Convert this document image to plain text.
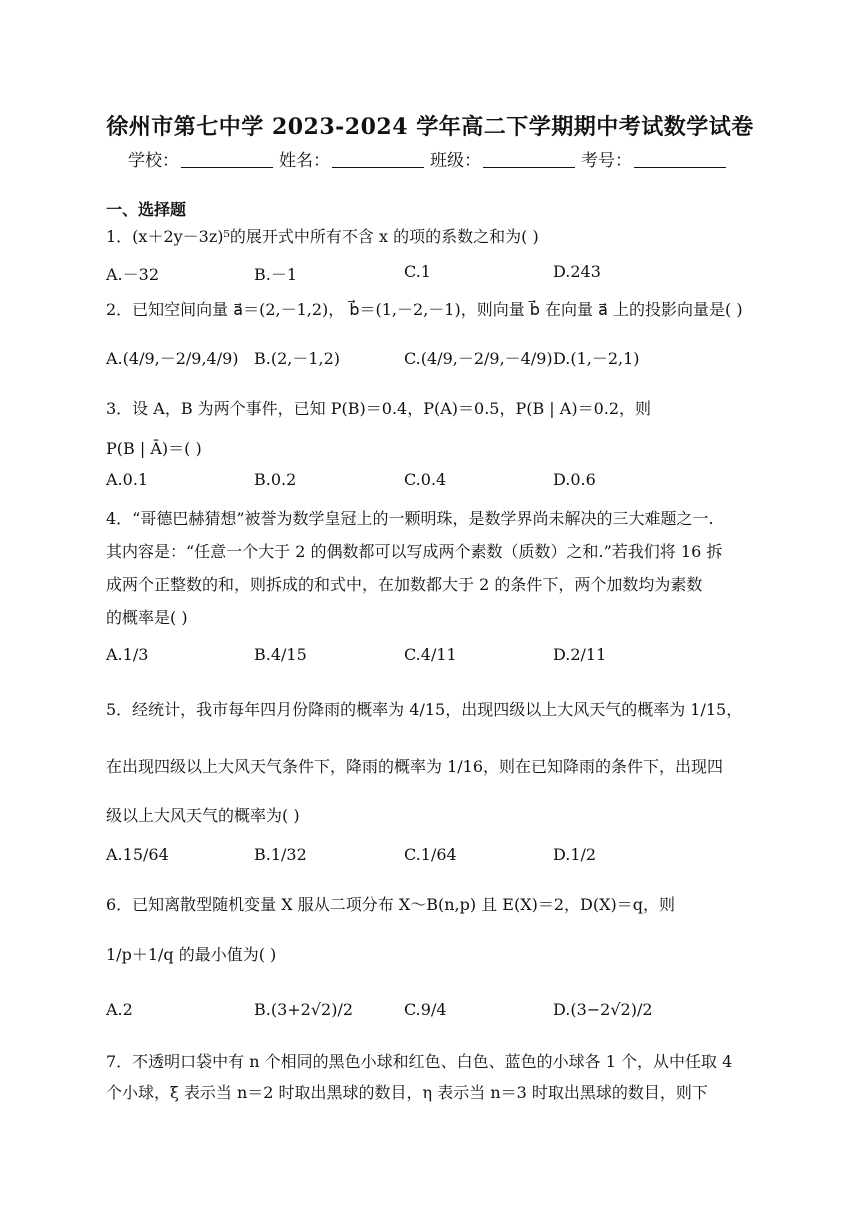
徐州市第七中学 2023-2024 学年高二下学期期中考试数学试卷
学校：	姓名：	班级：	考号：
一、选择题
1．(x＋2y－3z)⁵的展开式中所有不含 x 的项的系数之和为( )
A.－32	B.－1	C.1	D.243
2．已知空间向量 a⃗＝(2,－1,2)， b⃗＝(1,－2,－1)，则向量 b⃗ 在向量 a⃗ 上的投影向量是( )
A.(4/9,－2/9,4/9) B.(2,－1,2)	C.(4/9,－2/9,－4/9) D.(1,－2,1)
3．设 A，B 为两个事件，已知 P(B)＝0.4，P(A)＝0.5，P(B | A)＝0.2，则
P(B | Ā)＝( )
A.0.1	B.0.2	C.0.4	D.0.6
4．“哥德巴赫猜想”被誉为数学皇冠上的一颗明珠，是数学界尚未解决的三大难题之一.
其内容是：“任意一个大于 2 的偶数都可以写成两个素数（质数）之和.”若我们将 16 拆
成两个正整数的和，则拆成的和式中，在加数都大于 2 的条件下，两个加数均为素数
的概率是( )
A.1/3	B.4/15	C.4/11	D.2/11
5．经统计，我市每年四月份降雨的概率为 4/15，出现四级以上大风天气的概率为 1/15，
在出现四级以上大风天气条件下，降雨的概率为 1/16，则在已知降雨的条件下，出现四
级以上大风天气的概率为( )
A.15/64	B.1/32	C.1/64	D.1/2
6．已知离散型随机变量 X 服从二项分布 X～B(n,p) 且 E(X)＝2，D(X)＝q，则
1/p＋1/q 的最小值为( )
A.2	B.(3+2√2)/2	C.9/4	D.(3−2√2)/2
7．不透明口袋中有 n 个相同的黑色小球和红色、白色、蓝色的小球各 1 个，从中任取 4
个小球，ξ 表示当 n＝2 时取出黑球的数目，η 表示当 n＝3 时取出黑球的数目，则下
